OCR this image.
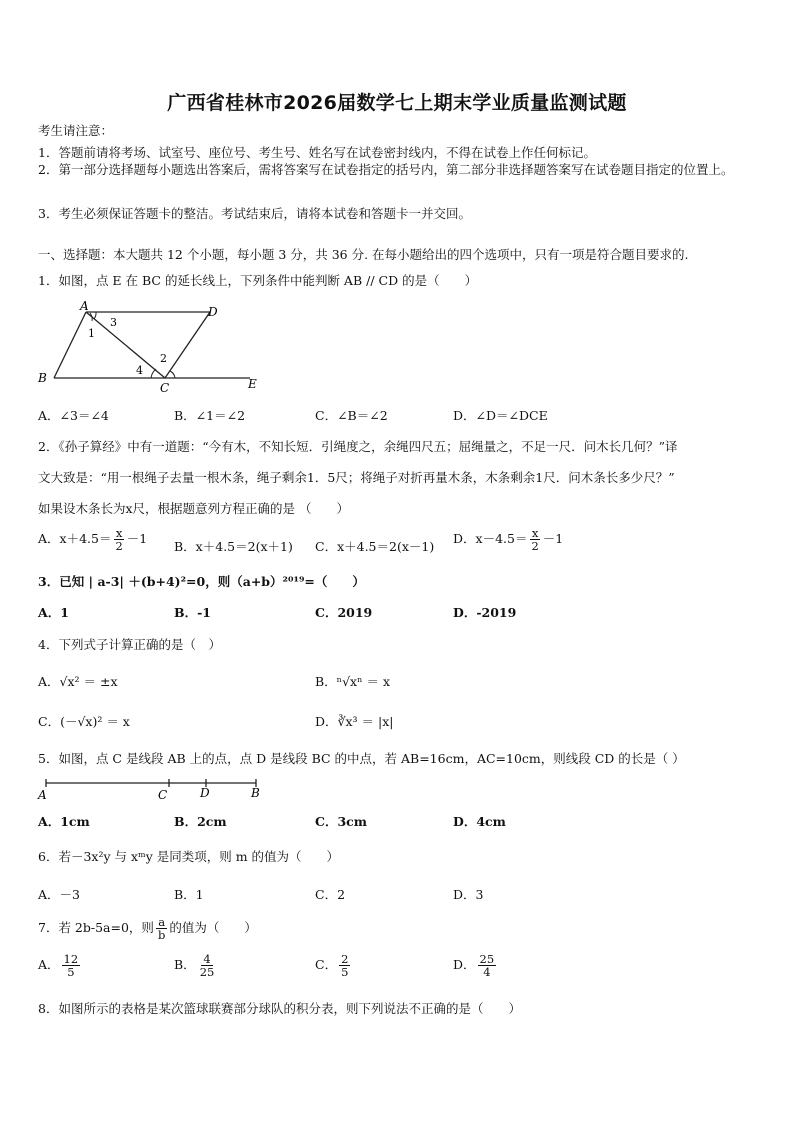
广西省桂林市2026届数学七上期末学业质量监测试题
考生请注意：
1．答题前请将考场、试室号、座位号、考生号、姓名写在试卷密封线内，不得在试卷上作任何标记。
2．第一部分选择题每小题选出答案后，需将答案写在试卷指定的括号内，第二部分非选择题答案写在试卷题目指定的位置上。
3．考生必须保证答题卡的整洁。考试结束后，请将本试卷和答题卡一并交回。
一、选择题：本大题共 12 个小题，每小题 3 分，共 36 分. 在每小题给出的四个选项中，只有一项是符合题目要求的.
1．如图，点 E 在 BC 的延长线上，下列条件中能判断 AB // CD 的是（　　）
A	D
B
C	E
1
2
3
4
A．∠3＝∠4	B．∠1＝∠2	C．∠B＝∠2	D．∠D＝∠DCE
2．《孙子算经》中有一道题：“今有木，不知长短．引绳度之，余绳四尺五；屈绳量之，不足一尺．问木长几何？”译
文大致是：“用一根绳子去量一根木条，绳子剩余1．5尺；将绳子对折再量木条，木条剩余1尺．问木条长多少尺？”
如果设木条长为x尺，根据题意列方程正确的是 （　　）
A．$x+4.5= \frac{x}{2} -1$
B．x＋4.5＝2(x＋1) C．x＋4.5＝2(x－1)
D．$x-4.5= \frac{x}{2} -1$
3．已知 | a-3| ＋(b+4)²=0，则（a+b）²⁰¹⁹=（　　）
A．1	B．-1	C．2019	D．-2019
4．下列式子计算正确的是（　）
A．√x² ＝ ±x	B．ⁿ√xⁿ ＝ x
C．(－√x)² ＝ x	D．∛x³ ＝ |x|
5．如图，点 C 是线段 AB 上的点，点 D 是线段 BC 的中点，若 AB=16cm，AC=10cm，则线段 CD 的长是（ ）
A	C	D	B
A．1cm	B．2cm	C．3cm	D．4cm
6．若－3x²y 与 xᵐy 是同类项，则 m 的值为（　　）
A．－3	B．1	C．2	D．3
7．若 2b-5a=0，则 $\frac{a}{b}$ 的值为（　　）
A． $\frac{12}{5}$	B． $\frac{4}{25}$	C． $\frac{2}{5}$	D． $\frac{25}{4}$
8．如图所示的表格是某次篮球联赛部分球队的积分表，则下列说法不正确的是（　　）
